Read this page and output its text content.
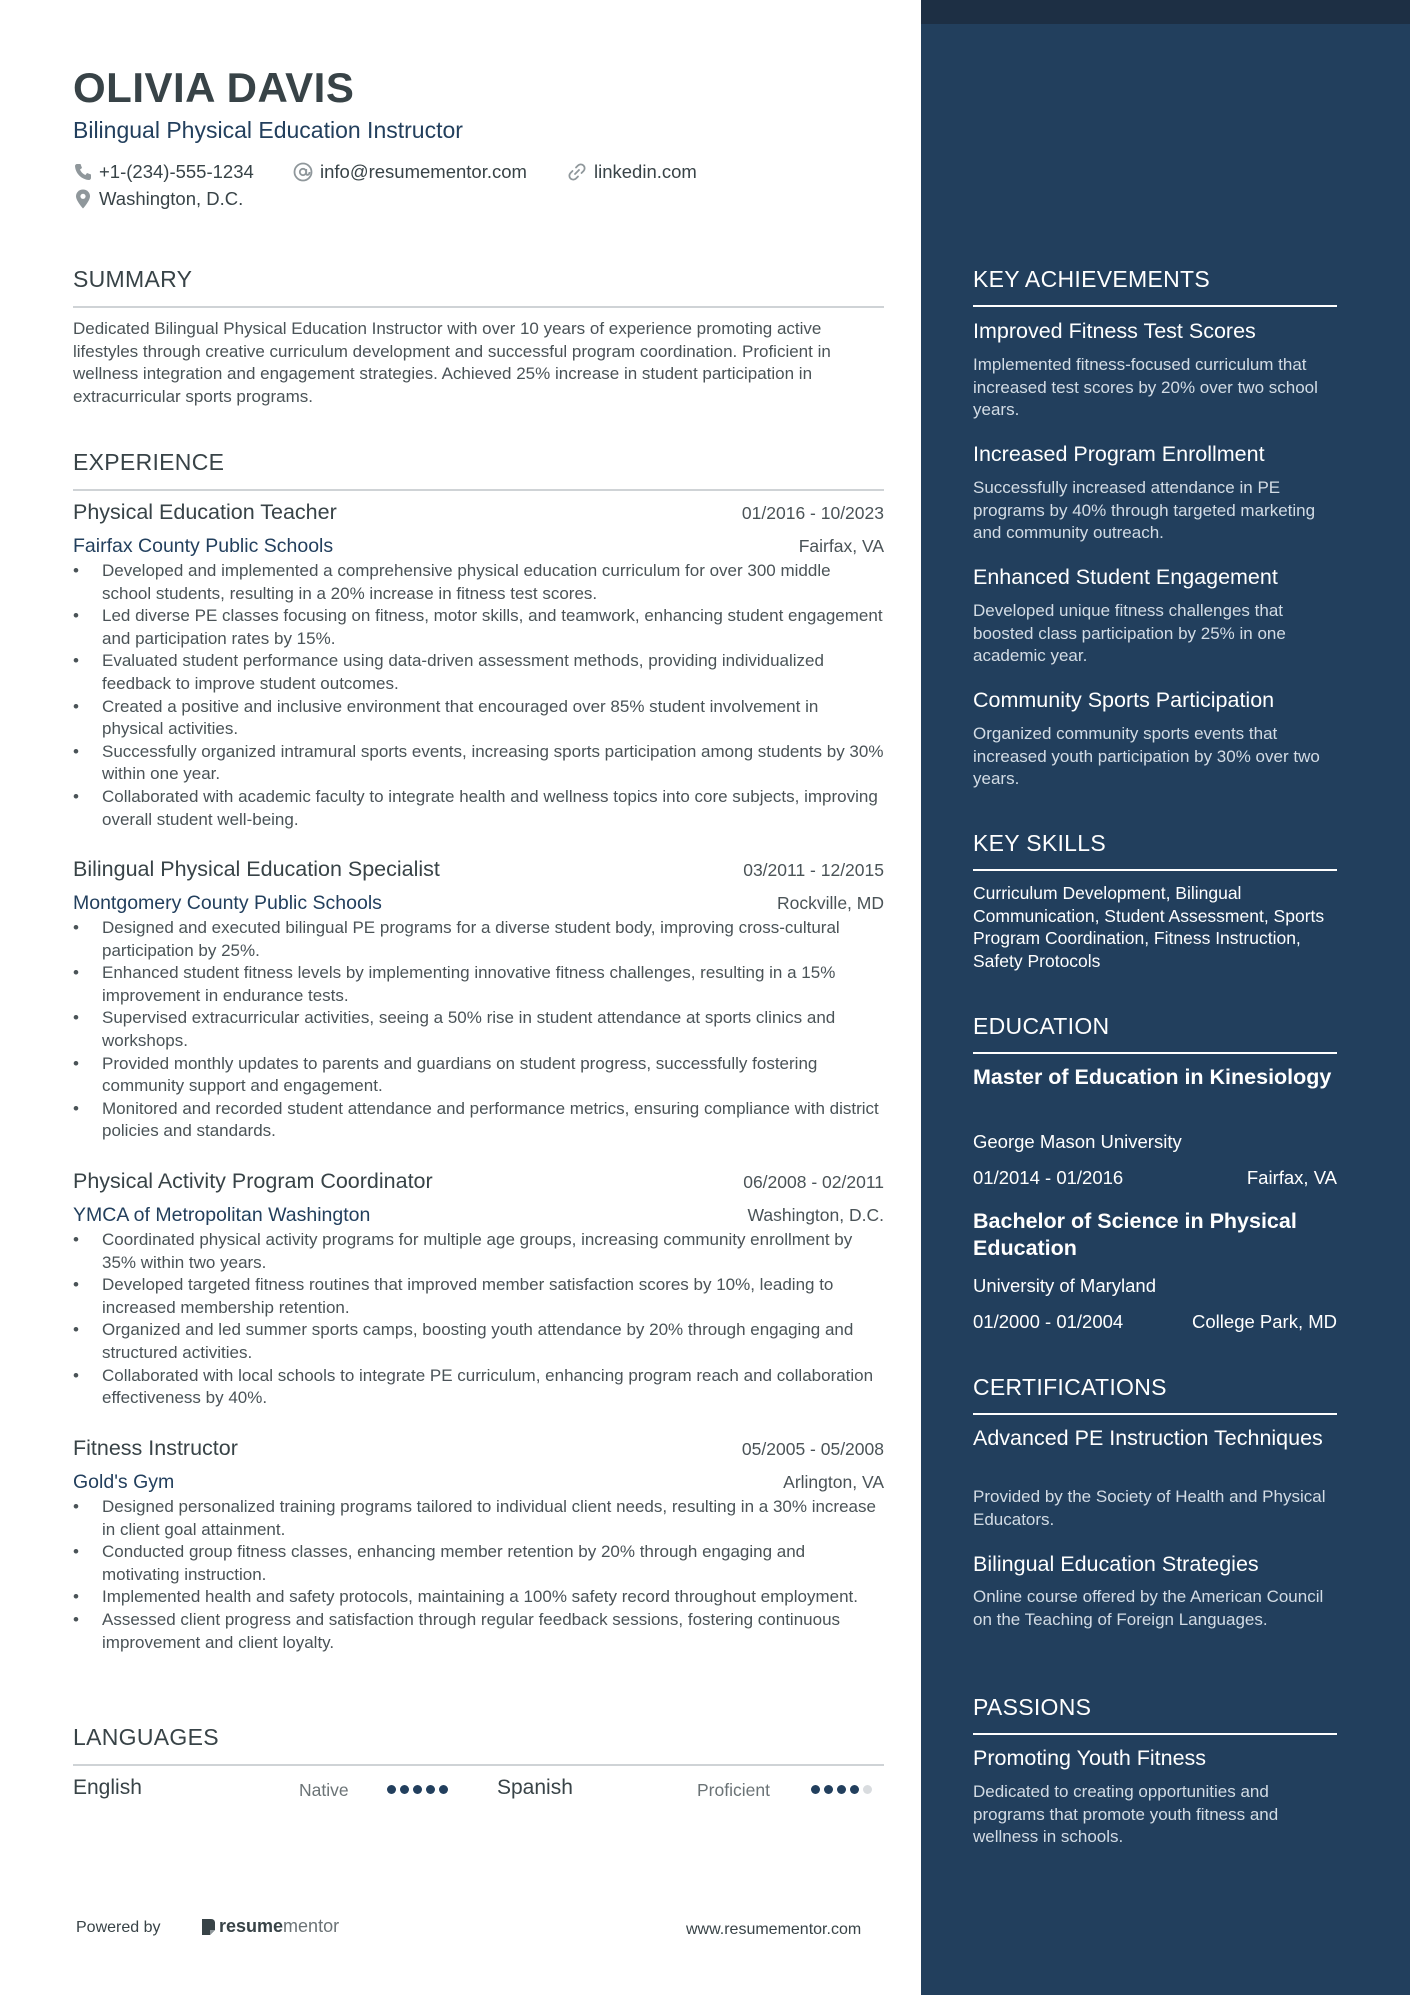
OLIVIA DAVIS
Bilingual Physical Education Instructor
+1-(234)-555-1234	info@resumementor.com	linkedin.com
Washington, D.C.
SUMMARY
Dedicated Bilingual Physical Education Instructor with over 10 years of experience promoting active lifestyles through creative curriculum development and successful program coordination. Proficient in wellness integration and engagement strategies. Achieved 25% increase in student participation in extracurricular sports programs.
EXPERIENCE
Physical Education Teacher	01/2016 - 10/2023
Fairfax County Public Schools	Fairfax, VA
• Developed and implemented a comprehensive physical education curriculum for over 300 middle school students, resulting in a 20% increase in fitness test scores.
• Led diverse PE classes focusing on fitness, motor skills, and teamwork, enhancing student engagement and participation rates by 15%.
• Evaluated student performance using data-driven assessment methods, providing individualized feedback to improve student outcomes.
• Created a positive and inclusive environment that encouraged over 85% student involvement in physical activities.
• Successfully organized intramural sports events, increasing sports participation among students by 30% within one year.
• Collaborated with academic faculty to integrate health and wellness topics into core subjects, improving overall student well-being.
Bilingual Physical Education Specialist	03/2011 - 12/2015
Montgomery County Public Schools	Rockville, MD
• Designed and executed bilingual PE programs for a diverse student body, improving cross-cultural participation by 25%.
• Enhanced student fitness levels by implementing innovative fitness challenges, resulting in a 15% improvement in endurance tests.
• Supervised extracurricular activities, seeing a 50% rise in student attendance at sports clinics and workshops.
• Provided monthly updates to parents and guardians on student progress, successfully fostering community support and engagement.
• Monitored and recorded student attendance and performance metrics, ensuring compliance with district policies and standards.
Physical Activity Program Coordinator	06/2008 - 02/2011
YMCA of Metropolitan Washington	Washington, D.C.
• Coordinated physical activity programs for multiple age groups, increasing community enrollment by 35% within two years.
• Developed targeted fitness routines that improved member satisfaction scores by 10%, leading to increased membership retention.
• Organized and led summer sports camps, boosting youth attendance by 20% through engaging and structured activities.
• Collaborated with local schools to integrate PE curriculum, enhancing program reach and collaboration effectiveness by 40%.
Fitness Instructor	05/2005 - 05/2008
Gold's Gym	Arlington, VA
• Designed personalized training programs tailored to individual client needs, resulting in a 30% increase in client goal attainment.
• Conducted group fitness classes, enhancing member retention by 20% through engaging and motivating instruction.
• Implemented health and safety protocols, maintaining a 100% safety record throughout employment.
• Assessed client progress and satisfaction through regular feedback sessions, fostering continuous improvement and client loyalty.
LANGUAGES
English	Native	Spanish	Proficient
Powered by	resume mentor	www.resumementor.com
KEY ACHIEVEMENTS
Improved Fitness Test Scores
Implemented fitness-focused curriculum that increased test scores by 20% over two school years.
Increased Program Enrollment
Successfully increased attendance in PE programs by 40% through targeted marketing and community outreach.
Enhanced Student Engagement
Developed unique fitness challenges that boosted class participation by 25% in one academic year.
Community Sports Participation
Organized community sports events that increased youth participation by 30% over two years.
KEY SKILLS
Curriculum Development, Bilingual Communication, Student Assessment, Sports Program Coordination, Fitness Instruction, Safety Protocols
EDUCATION
Master of Education in Kinesiology
George Mason University
01/2014 - 01/2016	Fairfax, VA
Bachelor of Science in Physical Education
University of Maryland
01/2000 - 01/2004	College Park, MD
CERTIFICATIONS
Advanced PE Instruction Techniques
Provided by the Society of Health and Physical Educators.
Bilingual Education Strategies
Online course offered by the American Council on the Teaching of Foreign Languages.
PASSIONS
Promoting Youth Fitness
Dedicated to creating opportunities and programs that promote youth fitness and wellness in schools.
